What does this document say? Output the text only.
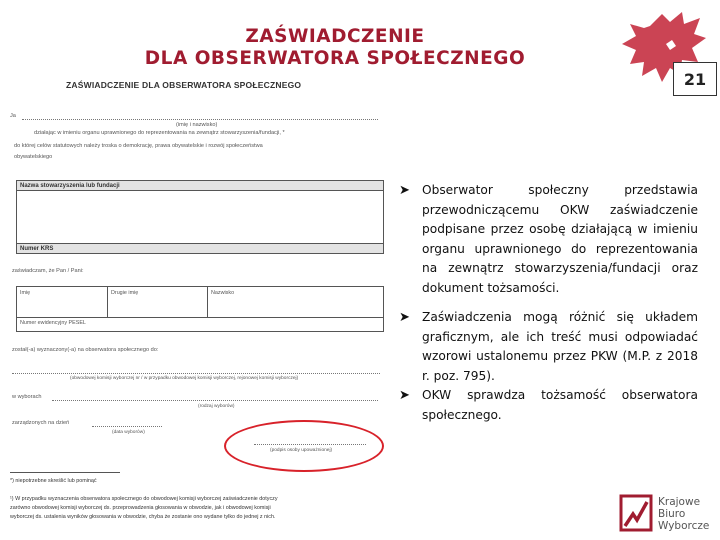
ZAŚWIADCZENIE
DLA OBSERWATORA SPOŁECZNEGO
21
ZAŚWIADCZENIE DLA OBSERWATORA SPOŁECZNEGO
Ja
(imię i nazwisko)
działając w imieniu organu uprawnionego do reprezentowania na zewnątrz stowarzyszenia/fundacji, *
do której celów statutowych należy troska o demokrację, prawa obywatelskie i rozwój społeczeństwa
obywatelskiego
Nazwa stowarzyszenia lub fundacji
Numer KRS
zaświadczam, że Pan / Pani:
Imię	Drugie imię	Nazwisko
Numer ewidencyjny PESEL
został(-a) wyznaczony(-a) na obserwatora społecznego do:
(obwodowej komisji wyborczej nr / w przypadku obwodowej komisji wyborczej, rejonowej komisji wyborczej)
w wyborach
(rodzaj wyborów)
zarządzonych na dzień
(data wyborów)
(podpis osoby upoważnionej)
*) niepotrzebne skreślić lub pominąć
¹) W przypadku wyznaczenia obserwatora społecznego do obwodowej komisji wyborczej zaświadczenie dotyczy
zarówno obwodowej komisji wyborczej ds. przeprowadzenia głosowania w obwodzie, jak i obwodowej komisji
wyborczej ds. ustalenia wyników głosowania w obwodzie, chyba że zostanie ono wydane tylko do jednej z nich.
➤ Obserwator społeczny przedstawia przewodniczącemu OKW zaświadczenie podpisane przez osobę działającą w imieniu organu uprawnionego do reprezentowania na zewnątrz stowarzyszenia/fundacji oraz dokument tożsamości.
➤ Zaświadczenia mogą różnić się układem graficznym, ale ich treść musi odpowiadać wzorowi ustalonemu przez PKW (M.P. z 2018 r. poz. 795).
➤ OKW sprawdza tożsamość obserwatora społecznego.
Krajowe
Biuro
Wyborcze
